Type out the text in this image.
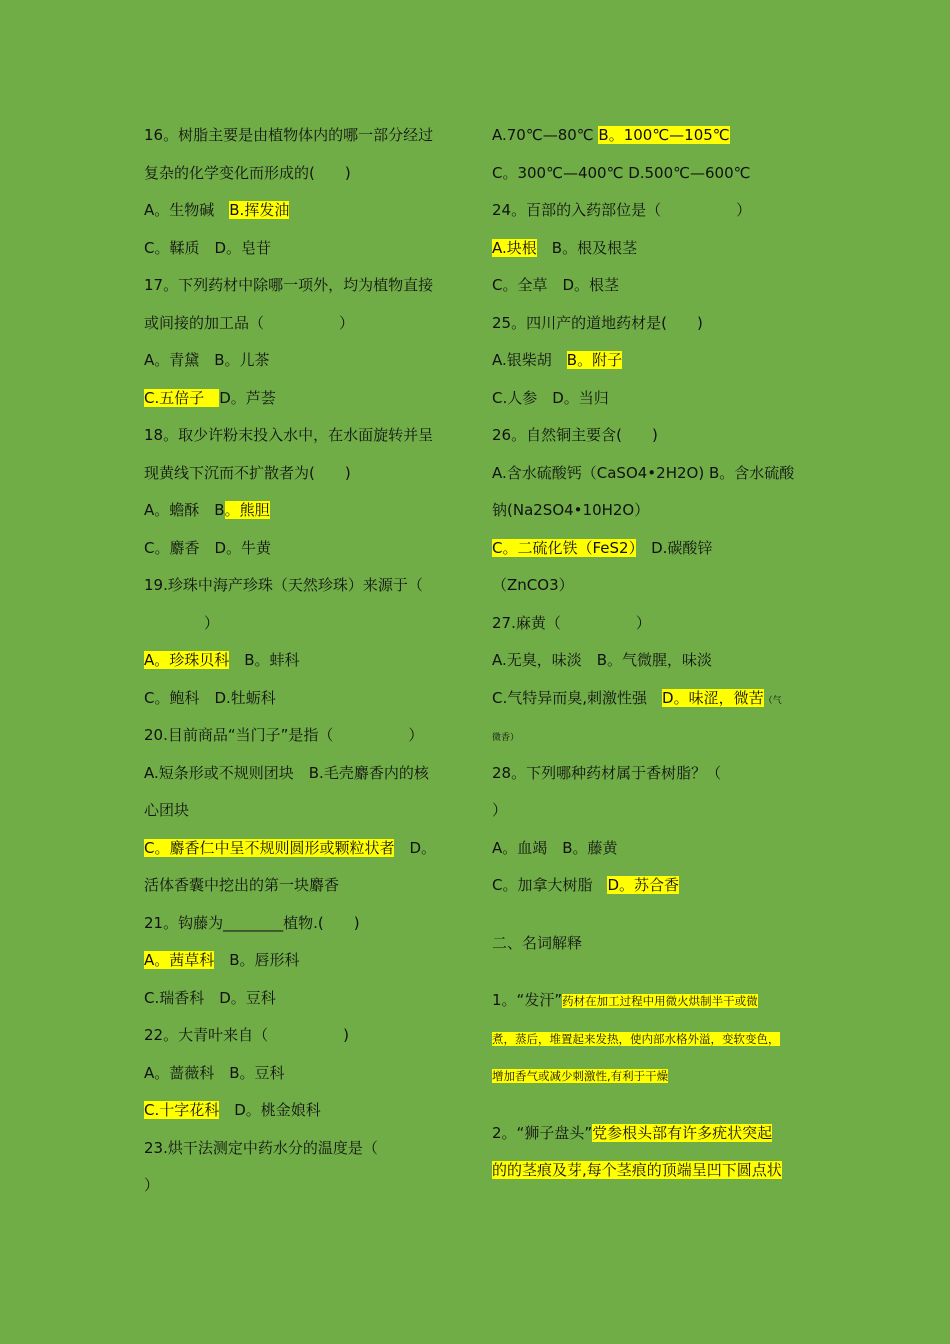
16。树脂主要是由植物体内的哪一部分经过
复杂的化学变化而形成的(　　)
A。生物碱　B.挥发油
C。鞣质　D。皂苷
17。下列药材中除哪一项外，均为植物直接
或间接的加工品（　　　　　）
A。青黛　B。儿茶
C.五倍子　D。芦荟
18。取少许粉末投入水中，在水面旋转并呈
现黄线下沉而不扩散者为(　　)
A。蟾酥　B。熊胆
C。麝香　D。牛黄
19.珍珠中海产珍珠（天然珍珠）来源于（
　　　　）
A。珍珠贝科　B。蚌科
C。鲍科　D.牡蛎科
20.目前商品“当门子”是指（　　　　　）
A.短条形或不规则团块　B.毛壳麝香内的核
心团块
C。麝香仁中呈不规则圆形或颗粒状者　D。
活体香囊中挖出的第一块麝香
21。钩藤为________植物.(　　)
A。茜草科　B。唇形科
C.瑞香科　D。豆科
22。大青叶来自（　　　　　)
A。蔷薇科　B。豆科
C.十字花科　D。桃金娘科
23.烘干法测定中药水分的温度是（
）
A.70℃—80℃ B。100℃—105℃
C。300℃—400℃ D.500℃—600℃
24。百部的入药部位是（　　　　　）
A.块根　B。根及根茎
C。全草　D。根茎
25。四川产的道地药材是(　　)
A.银柴胡　B。附子
C.人参　D。当归
26。自然铜主要含(　　)
A.含水硫酸钙（CaSO4•2H2O) B。含水硫酸
钠(Na2SO4•10H2O）
C。二硫化铁（FeS2）　D.碳酸锌
（ZnCO3）
27.麻黄（　　　　　）
A.无臭，味淡　B。气微腥，味淡
C.气特异而臭,刺激性强　D。味涩，微苦（气
微香）
28。下列哪种药材属于香树脂？（
）
A。血竭　B。藤黄
C。加拿大树脂　D。苏合香
二、名词解释
1。“发汗”药材在加工过程中用微火烘制半干或微
煮，蒸后，堆置起来发热，使内部水格外溢，变软变色，
增加香气或减少刺激性,有利于干燥
2。“狮子盘头”党参根头部有许多疣状突起
的的茎痕及芽,每个茎痕的顶端呈凹下圆点状
